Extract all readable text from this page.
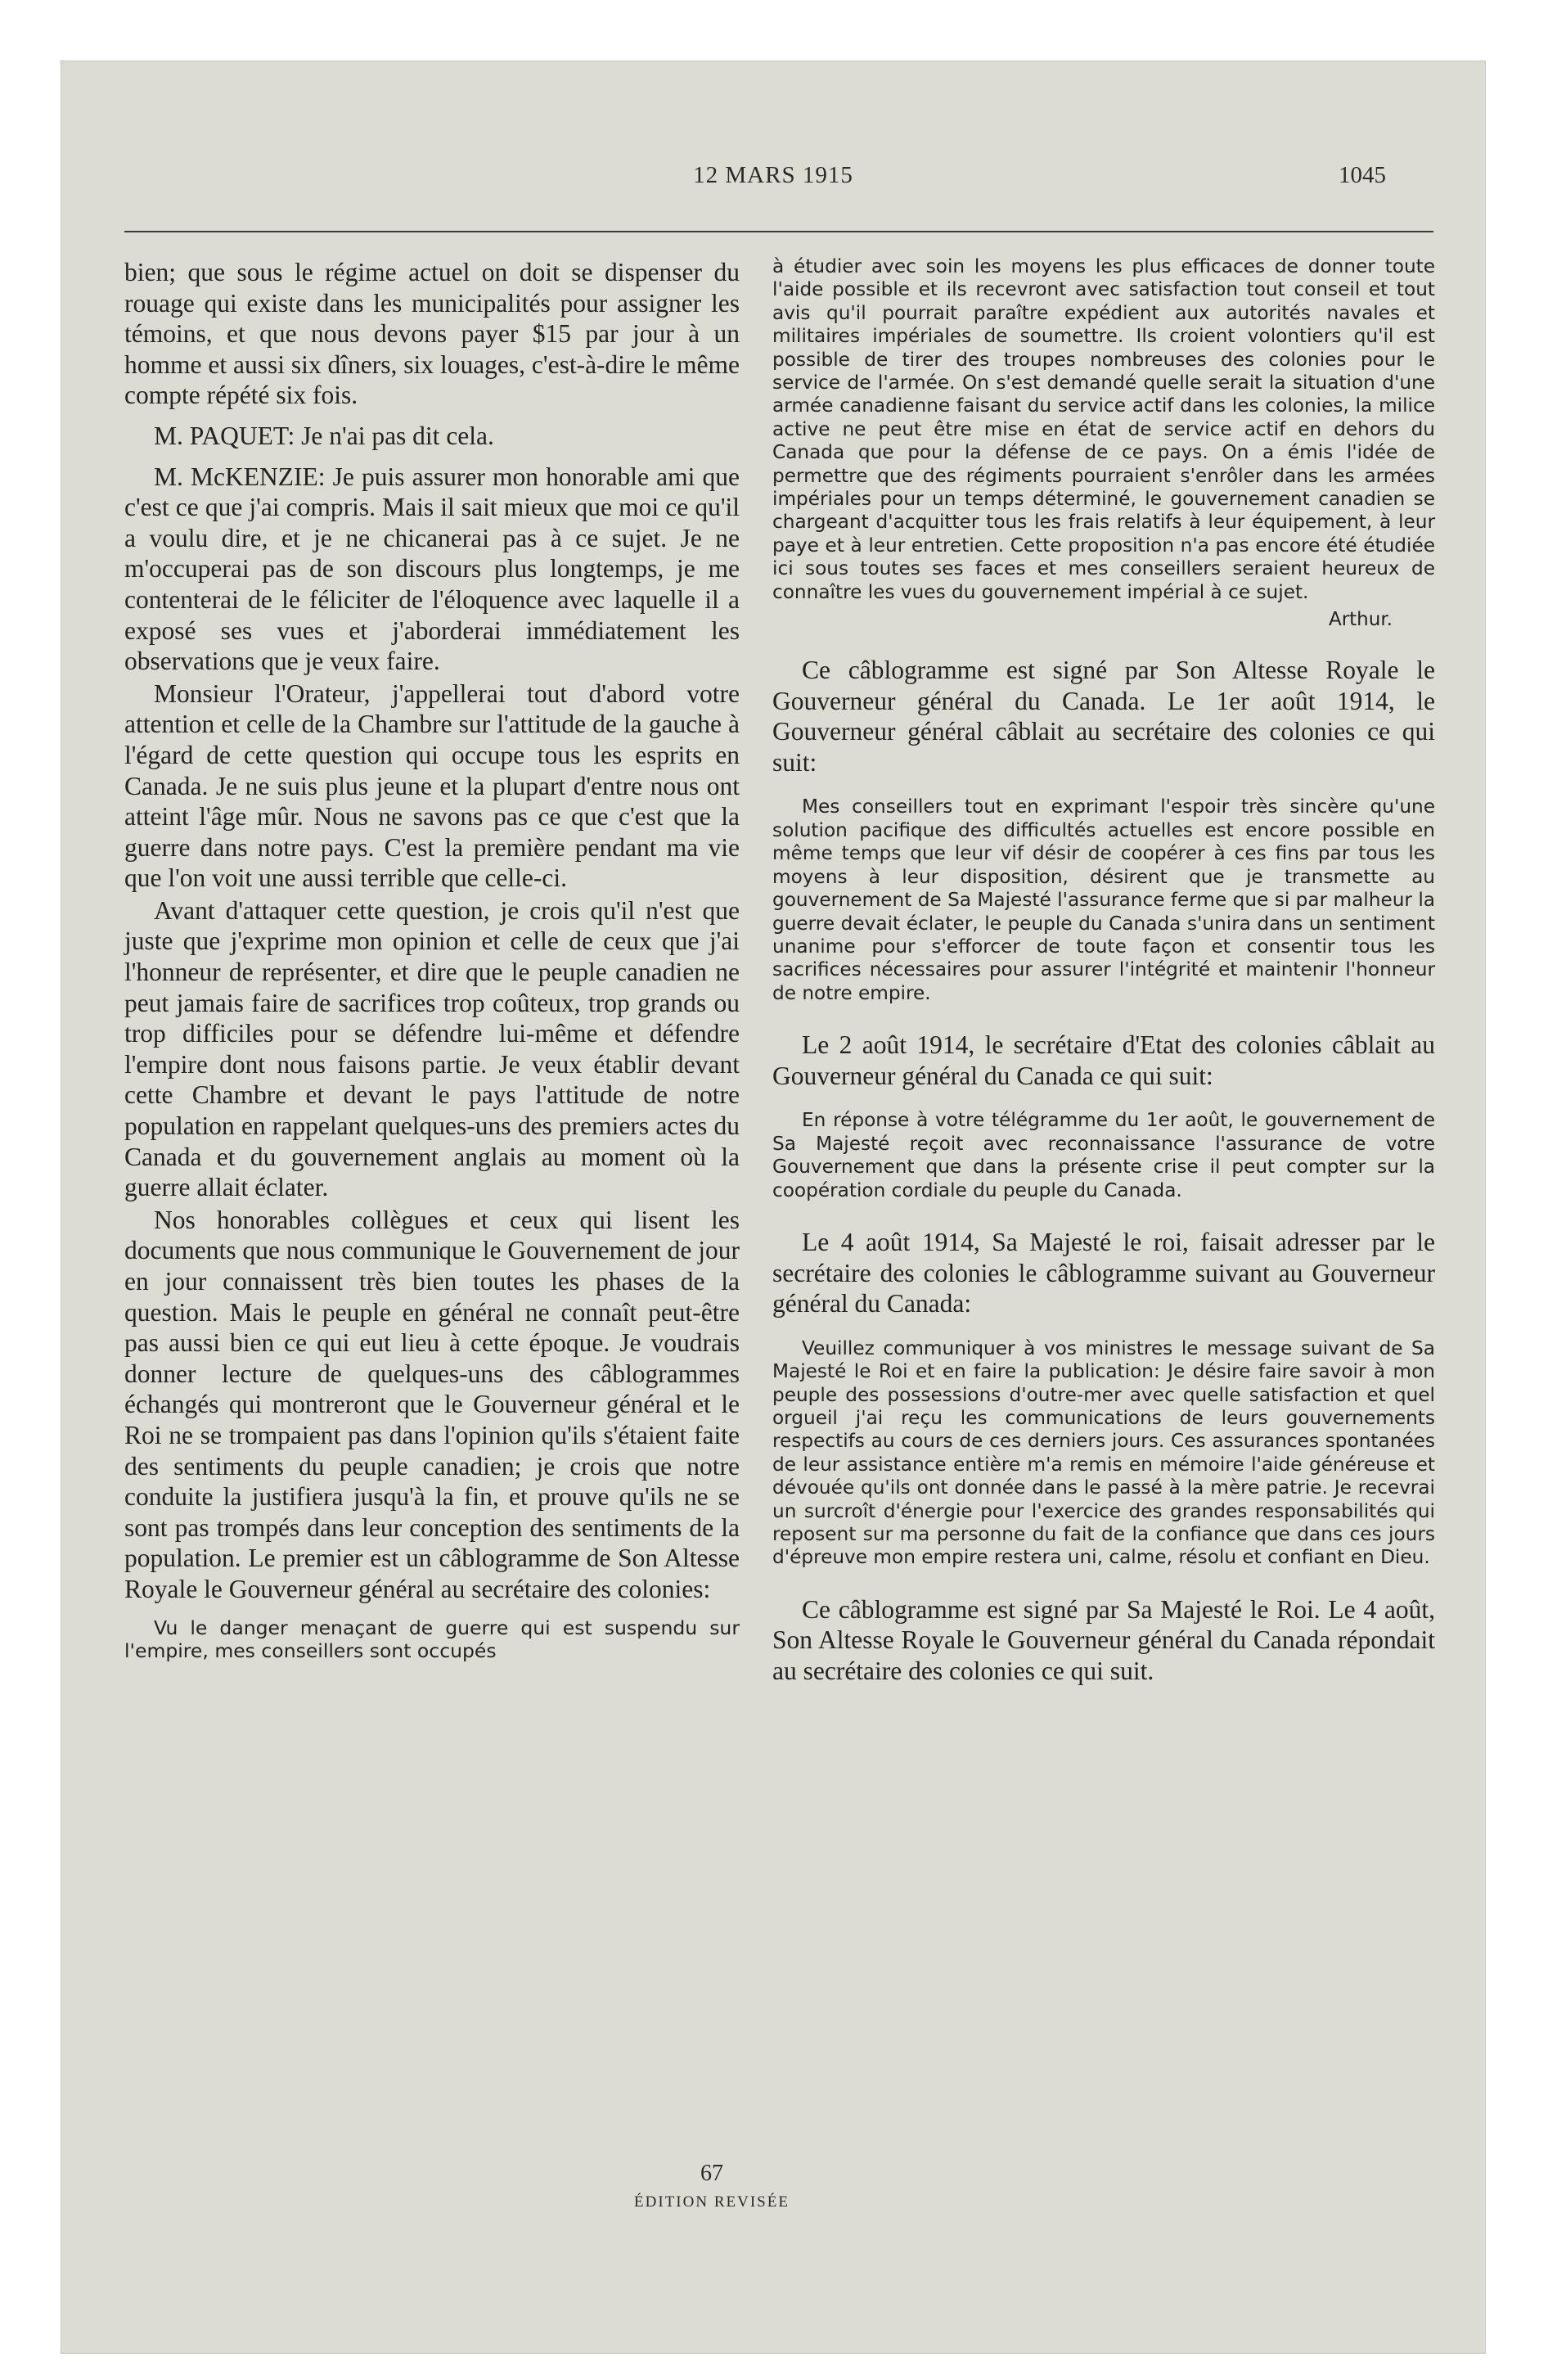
12 MARS 1915	1045

bien; que sous le régime actuel on doit se dispenser du rouage qui existe dans les municipalités pour assigner les témoins, et que nous devons payer $15 par jour à un homme et aussi six dîners, six louages, c'est-à-dire le même compte répété six fois.

M. PAQUET: Je n'ai pas dit cela.

M. McKENZIE: Je puis assurer mon honorable ami que c'est ce que j'ai compris. Mais il sait mieux que moi ce qu'il a voulu dire, et je ne chicanerai pas à ce sujet. Je ne m'occuperai pas de son discours plus longtemps, je me contenterai de le féliciter de l'éloquence avec laquelle il a exposé ses vues et j'aborderai immédiatement les observations que je veux faire.

Monsieur l'Orateur, j'appellerai tout d'abord votre attention et celle de la Chambre sur l'attitude de la gauche à l'égard de cette question qui occupe tous les esprits en Canada. Je ne suis plus jeune et la plupart d'entre nous ont atteint l'âge mûr. Nous ne savons pas ce que c'est que la guerre dans notre pays. C'est la première pendant ma vie que l'on voit une aussi terrible que celle-ci.

Avant d'attaquer cette question, je crois qu'il n'est que juste que j'exprime mon opinion et celle de ceux que j'ai l'honneur de représenter, et dire que le peuple canadien ne peut jamais faire de sacrifices trop coûteux, trop grands ou trop difficiles pour se défendre lui-même et défendre l'empire dont nous faisons partie. Je veux établir devant cette Chambre et devant le pays l'attitude de notre population en rappelant quelques-uns des premiers actes du Canada et du gouvernement anglais au moment où la guerre allait éclater.

Nos honorables collègues et ceux qui lisent les documents que nous communique le Gouvernement de jour en jour connaissent très bien toutes les phases de la question. Mais le peuple en général ne connaît peut-être pas aussi bien ce qui eut lieu à cette époque. Je voudrais donner lecture de quelques-uns des câblogrammes échangés qui montreront que le Gouverneur général et le Roi ne se trompaient pas dans l'opinion qu'ils s'étaient faite des sentiments du peuple canadien; je crois que notre conduite la justifiera jusqu'à la fin, et prouve qu'ils ne se sont pas trompés dans leur conception des sentiments de la population. Le premier est un câblogramme de Son Altesse Royale le Gouverneur général au secrétaire des colonies:

Vu le danger menaçant de guerre qui est suspendu sur l'empire, mes conseillers sont occupés

à étudier avec soin les moyens les plus efficaces de donner toute l'aide possible et ils recevront avec satisfaction tout conseil et tout avis qu'il pourrait paraître expédient aux autorités navales et militaires impériales de soumettre. Ils croient volontiers qu'il est possible de tirer des troupes nombreuses des colonies pour le service de l'armée. On s'est demandé quelle serait la situation d'une armée canadienne faisant du service actif dans les colonies, la milice active ne peut être mise en état de service actif en dehors du Canada que pour la défense de ce pays. On a émis l'idée de permettre que des régiments pourraient s'enrôler dans les armées impériales pour un temps déterminé, le gouvernement canadien se chargeant d'acquitter tous les frais relatifs à leur équipement, à leur paye et à leur entretien. Cette proposition n'a pas encore été étudiée ici sous toutes ses faces et mes conseillers seraient heureux de connaître les vues du gouvernement impérial à ce sujet.

Arthur.

Ce câblogramme est signé par Son Altesse Royale le Gouverneur général du Canada. Le 1er août 1914, le Gouverneur général câblait au secrétaire des colonies ce qui suit:

Mes conseillers tout en exprimant l'espoir très sincère qu'une solution pacifique des difficultés actuelles est encore possible en même temps que leur vif désir de coopérer à ces fins par tous les moyens à leur disposition, désirent que je transmette au gouvernement de Sa Majesté l'assurance ferme que si par malheur la guerre devait éclater, le peuple du Canada s'unira dans un sentiment unanime pour s'efforcer de toute façon et consentir tous les sacrifices nécessaires pour assurer l'intégrité et maintenir l'honneur de notre empire.

Le 2 août 1914, le secrétaire d'Etat des colonies câblait au Gouverneur général du Canada ce qui suit:

En réponse à votre télégramme du 1er août, le gouvernement de Sa Majesté reçoit avec reconnaissance l'assurance de votre Gouvernement que dans la présente crise il peut compter sur la coopération cordiale du peuple du Canada.

Le 4 août 1914, Sa Majesté le roi, faisait adresser par le secrétaire des colonies le câblogramme suivant au Gouverneur général du Canada:

Veuillez communiquer à vos ministres le message suivant de Sa Majesté le Roi et en faire la publication: Je désire faire savoir à mon peuple des possessions d'outre-mer avec quelle satisfaction et quel orgueil j'ai reçu les communications de leurs gouvernements respectifs au cours de ces derniers jours. Ces assurances spontanées de leur assistance entière m'a remis en mémoire l'aide généreuse et dévouée qu'ils ont donnée dans le passé à la mère patrie. Je recevrai un surcroît d'énergie pour l'exercice des grandes responsabilités qui reposent sur ma personne du fait de la confiance que dans ces jours d'épreuve mon empire restera uni, calme, résolu et confiant en Dieu.

Ce câblogramme est signé par Sa Majesté le Roi. Le 4 août, Son Altesse Royale le Gouverneur général du Canada répondait au secrétaire des colonies ce qui suit.

67
ÉDITION REVISÉE
